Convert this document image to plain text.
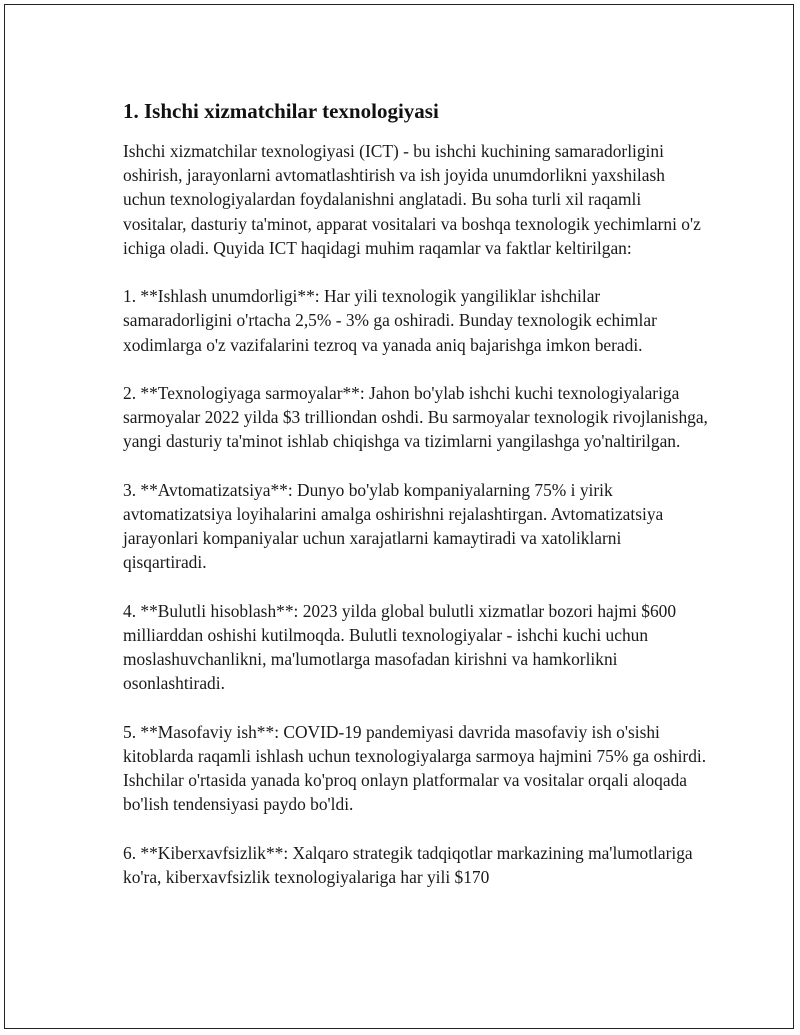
1. Ishchi xizmatchilar texnologiyasi

Ishchi xizmatchilar texnologiyasi (ICT) - bu ishchi kuchining samaradorligini oshirish, jarayonlarni avtomatlashtirish va ish joyida unumdorlikni yaxshilash uchun texnologiyalardan foydalanishni anglatadi. Bu soha turli xil raqamli vositalar, dasturiy ta'minot, apparat vositalari va boshqa texnologik yechimlarni o'z ichiga oladi. Quyida ICT haqidagi muhim raqamlar va faktlar keltirilgan:

1. **Ishlash unumdorligi**: Har yili texnologik yangiliklar ishchilar samaradorligini o'rtacha 2,5% - 3% ga oshiradi. Bunday texnologik echimlar xodimlarga o'z vazifalarini tezroq va yanada aniq bajarishga imkon beradi.

2. **Texnologiyaga sarmoyalar**: Jahon bo'ylab ishchi kuchi texnologiyalariga sarmoyalar 2022 yilda $3 trilliondan oshdi. Bu sarmoyalar texnologik rivojlanishga, yangi dasturiy ta'minot ishlab chiqishga va tizimlarni yangilashga yo'naltirilgan.

3. **Avtomatizatsiya**: Dunyo bo'ylab kompaniyalarning 75% i yirik avtomatizatsiya loyihalarini amalga oshirishni rejalashtirgan. Avtomatizatsiya jarayonlari kompaniyalar uchun xarajatlarni kamaytiradi va xatoliklarni qisqartiradi.

4. **Bulutli hisoblash**: 2023 yilda global bulutli xizmatlar bozori hajmi $600 milliarddan oshishi kutilmoqda. Bulutli texnologiyalar - ishchi kuchi uchun moslashuvchanlikni, ma'lumotlarga masofadan kirishni va hamkorlikni osonlashtiradi.

5. **Masofaviy ish**: COVID-19 pandemiyasi davrida masofaviy ish o'sishi kitoblarda raqamli ishlash uchun texnologiyalarga sarmoya hajmini 75% ga oshirdi. Ishchilar o'rtasida yanada ko'proq onlayn platformalar va vositalar orqali aloqada bo'lish tendensiyasi paydo bo'ldi.

6. **Kiberxavfsizlik**: Xalqaro strategik tadqiqotlar markazining ma'lumotlariga ko'ra, kiberxavfsizlik texnologiyalariga har yili $170
